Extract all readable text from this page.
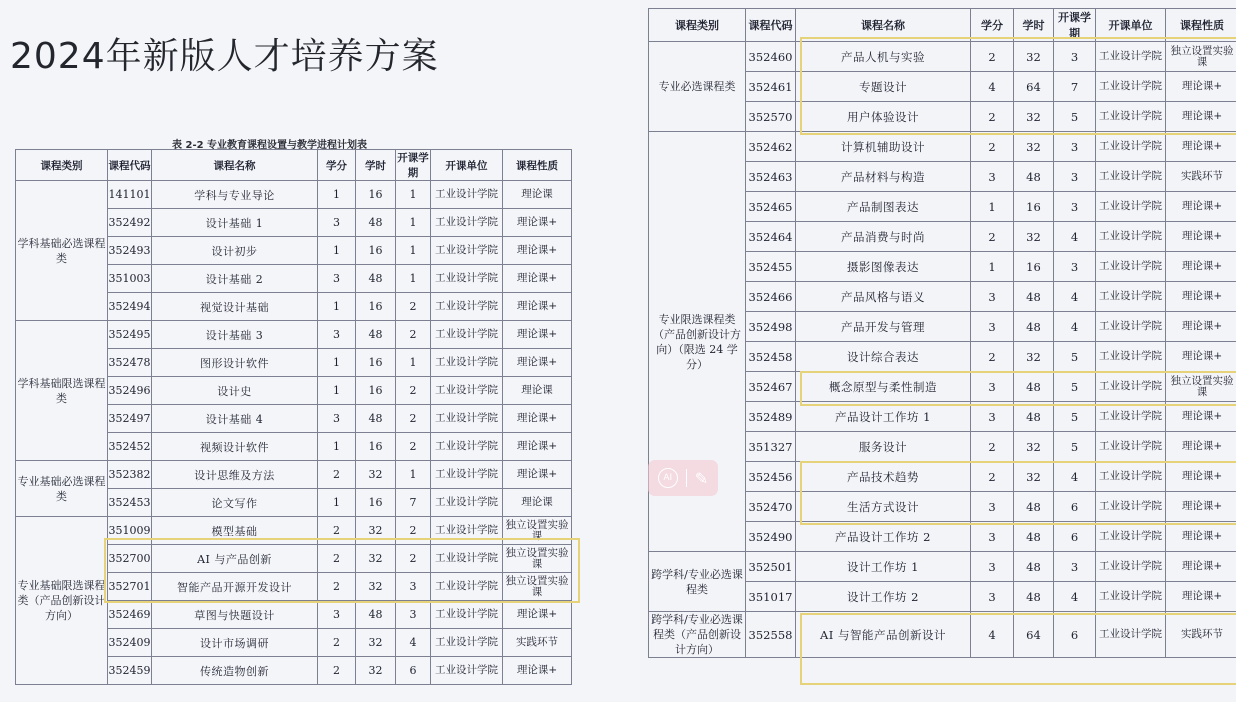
2024年新版人才培养方案
表 2-2 专业教育课程设置与教学进程计划表
课程类别	课程代码	课程名称	学分	学时	开课学期	开课单位	课程性质
学科基础必选课程类	141101	学科与专业导论	1	16	1	工业设计学院	理论课
	352492	设计基础 1	3	48	1	工业设计学院	理论课+
	352493	设计初步	1	16	1	工业设计学院	理论课+
	351003	设计基础 2	3	48	1	工业设计学院	理论课+
	352494	视觉设计基础	1	16	2	工业设计学院	理论课+
学科基础限选课程类	352495	设计基础 3	3	48	2	工业设计学院	理论课+
	352478	图形设计软件	1	16	1	工业设计学院	理论课+
	352496	设计史	1	16	2	工业设计学院	理论课
	352497	设计基础 4	3	48	2	工业设计学院	理论课+
	352452	视频设计软件	1	16	2	工业设计学院	理论课+
专业基础必选课程类	352382	设计思维及方法	2	32	1	工业设计学院	理论课+
	352453	论文写作	1	16	7	工业设计学院	理论课
专业基础限选课程类（产品创新设计方向）	351009	模型基础	2	32	2	工业设计学院	独立设置实验课
	352700	AI 与产品创新	2	32	2	工业设计学院	独立设置实验课
	352701	智能产品开源开发设计	2	32	3	工业设计学院	独立设置实验课
	352469	草图与快题设计	3	48	3	工业设计学院	理论课+
	352409	设计市场调研	2	32	4	工业设计学院	实践环节
	352459	传统造物创新	2	32	6	工业设计学院	理论课+
课程类别	课程代码	课程名称	学分	学时	开课学期	开课单位	课程性质
专业必选课程类	352460	产品人机与实验	2	32	3	工业设计学院	独立设置实验课
	352461	专题设计	4	64	7	工业设计学院	理论课+
	352570	用户体验设计	2	32	5	工业设计学院	理论课+
专业限选课程类（产品创新设计方向）（限选 24 学分）	352462	计算机辅助设计	2	32	3	工业设计学院	理论课+
	352463	产品材料与构造	3	48	3	工业设计学院	实践环节
	352465	产品制图表达	1	16	3	工业设计学院	理论课+
	352464	产品消费与时尚	2	32	4	工业设计学院	理论课+
	352455	摄影图像表达	1	16	3	工业设计学院	理论课+
	352466	产品风格与语义	3	48	4	工业设计学院	理论课+
	352498	产品开发与管理	3	48	4	工业设计学院	理论课+
	352458	设计综合表达	2	32	5	工业设计学院	理论课+
	352467	概念原型与柔性制造	3	48	5	工业设计学院	独立设置实验课
	352489	产品设计工作坊 1	3	48	5	工业设计学院	理论课+
	351327	服务设计	2	32	5	工业设计学院	理论课+
	352456	产品技术趋势	2	32	4	工业设计学院	理论课+
	352470	生活方式设计	3	48	6	工业设计学院	理论课+
	352490	产品设计工作坊 2	3	48	6	工业设计学院	理论课+
跨学科/专业必选课程类	352501	设计工作坊 1	3	48	3	工业设计学院	理论课+
	351017	设计工作坊 2	3	48	4	工业设计学院	理论课+
跨学科/专业必选课程类（产品创新设计方向）	352558	AI 与智能产品创新设计	4	64	6	工业设计学院	实践环节
AI	✎
